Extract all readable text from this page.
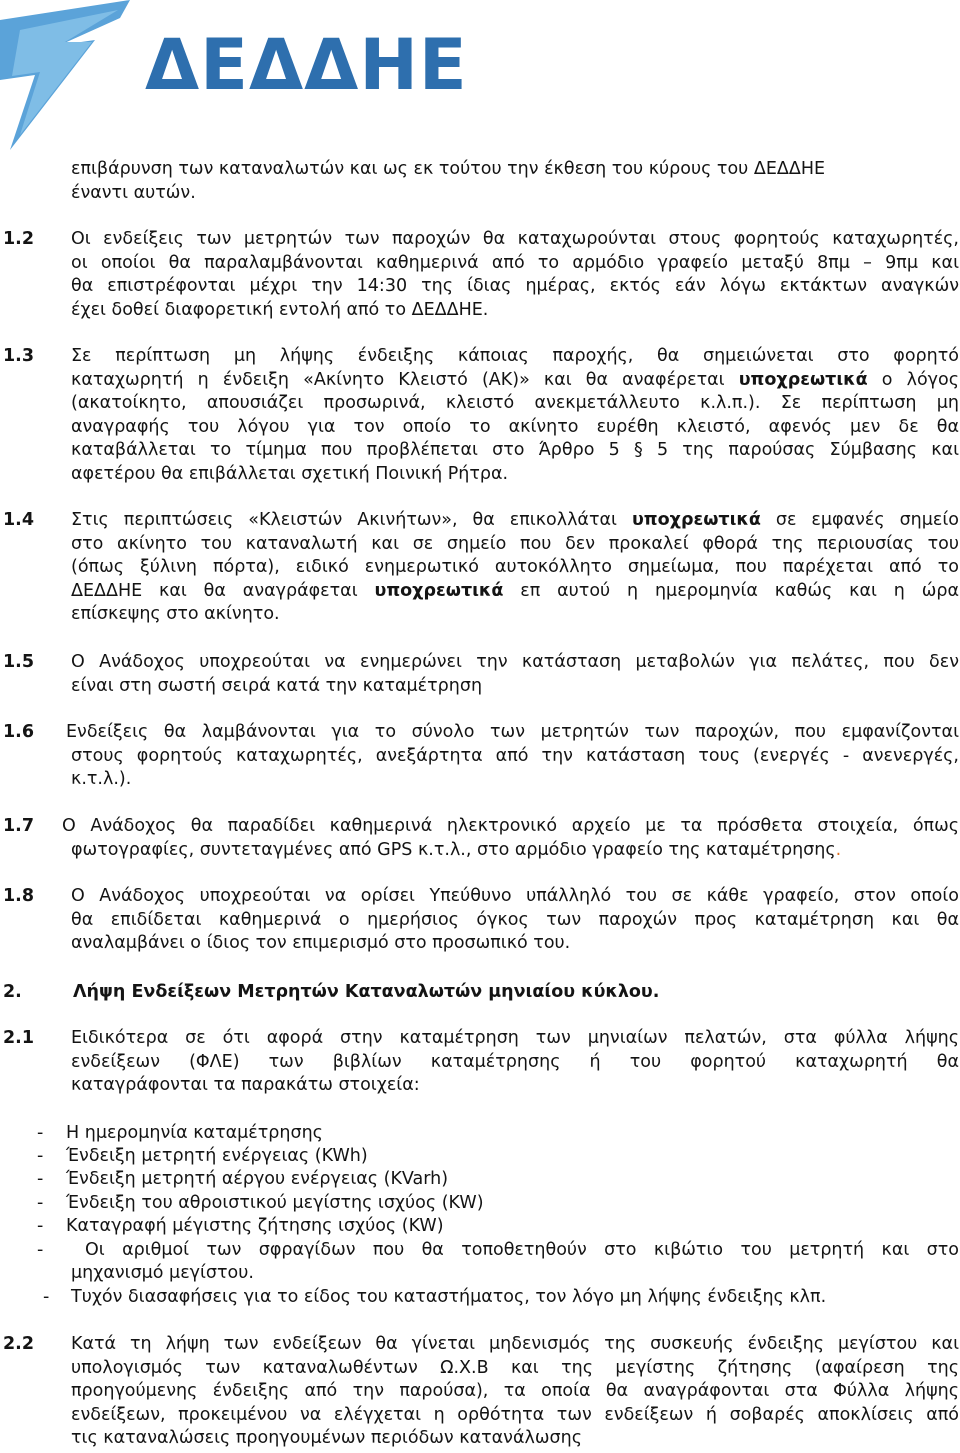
ΔΕΔΔΗΕ
επιβάρυνση των καταναλωτών και ως εκ τούτου την έκθεση του κύρους του ΔΕΔΔΗΕ
έναντι αυτών.
1.2 Οι ενδείξεις των μετρητών των παροχών θα καταχωρούνται στους φορητούς καταχωρητές,
οι οποίοι θα παραλαμβάνονται καθημερινά από το αρμόδιο γραφείο μεταξύ 8πμ – 9πμ και
θα επιστρέφονται μέχρι την 14:30 της ίδιας ημέρας, εκτός εάν λόγω εκτάκτων αναγκών
έχει δοθεί διαφορετική εντολή από το ΔΕΔΔΗΕ.
1.3 Σε περίπτωση μη λήψης ένδειξης κάποιας παροχής, θα σημειώνεται στο φορητό
καταχωρητή η ένδειξη «Ακίνητο Κλειστό (ΑΚ)» και θα αναφέρεται υποχρεωτικά ο λόγος
(ακατοίκητο, απουσιάζει προσωρινά, κλειστό ανεκμετάλλευτο κ.λ.π.). Σε περίπτωση μη
αναγραφής του λόγου για τον οποίο το ακίνητο ευρέθη κλειστό, αφενός μεν δε θα
καταβάλλεται το τίμημα που προβλέπεται στο Άρθρο 5 § 5 της παρούσας Σύμβασης και
αφετέρου θα επιβάλλεται σχετική Ποινική Ρήτρα.
1.4 Στις περιπτώσεις «Κλειστών Ακινήτων», θα επικολλάται υποχρεωτικά σε εμφανές σημείο
στο ακίνητο του καταναλωτή και σε σημείο που δεν προκαλεί φθορά της περιουσίας του
(όπως ξύλινη πόρτα), ειδικό ενημερωτικό αυτοκόλλητο σημείωμα, που παρέχεται από το
ΔΕΔΔΗΕ και θα αναγράφεται υποχρεωτικά επ αυτού η ημερομηνία καθώς και η ώρα
επίσκεψης στο ακίνητο.
1.5 Ο Ανάδοχος υποχρεούται να ενημερώνει την κατάσταση μεταβολών για πελάτες, που δεν
είναι στη σωστή σειρά κατά την καταμέτρηση
1.6 Ενδείξεις θα λαμβάνονται για το σύνολο των μετρητών των παροχών, που εμφανίζονται
στους φορητούς καταχωρητές, ανεξάρτητα από την κατάσταση τους (ενεργές - ανενεργές,
κ.τ.λ.).
1.7 Ο Ανάδοχος θα παραδίδει καθημερινά ηλεκτρονικό αρχείο με τα πρόσθετα στοιχεία, όπως
φωτογραφίες, συντεταγμένες από GPS κ.τ.λ., στο αρμόδιο γραφείο της καταμέτρησης.
1.8 Ο Ανάδοχος υποχρεούται να ορίσει Υπεύθυνο υπάλληλό του σε κάθε γραφείο, στον οποίο
θα επιδίδεται καθημερινά ο ημερήσιος όγκος των παροχών προς καταμέτρηση και θα
αναλαμβάνει ο ίδιος τον επιμερισμό στο προσωπικό του.
2.	Λήψη Ενδείξεων Μετρητών Καταναλωτών μηνιαίου κύκλου.
2.1 Ειδικότερα σε ότι αφορά στην καταμέτρηση των μηνιαίων πελατών, στα φύλλα λήψης
ενδείξεων (ΦΛΕ) των βιβλίων καταμέτρησης ή του φορητού καταχωρητή θα
καταγράφονται τα παρακάτω στοιχεία:
- Η ημερομηνία καταμέτρησης
- Ένδειξη μετρητή ενέργειας (KWh)
- Ένδειξη μετρητή αέργου ενέργειας (KVarh)
- Ένδειξη του αθροιστικού μεγίστης ισχύος (KW)
- Καταγραφή μέγιστης ζήτησης ισχύος (KW)
- Οι αριθμοί των σφραγίδων που θα τοποθετηθούν στο κιβώτιο του μετρητή και στο
μηχανισμό μεγίστου.
- Τυχόν διασαφήσεις για το είδος του καταστήματος, τον λόγο μη λήψης ένδειξης κλπ.
2.2 Κατά τη λήψη των ενδείξεων θα γίνεται μηδενισμός της συσκευής ένδειξης μεγίστου και
υπολογισμός των καταναλωθέντων Ω.Χ.Β και της μεγίστης ζήτησης (αφαίρεση της
προηγούμενης ένδειξης από την παρούσα), τα οποία θα αναγράφονται στα Φύλλα λήψης
ενδείξεων, προκειμένου να ελέγχεται η ορθότητα των ενδείξεων ή σοβαρές αποκλίσεις από
τις καταναλώσεις προηγουμένων περιόδων κατανάλωσης
